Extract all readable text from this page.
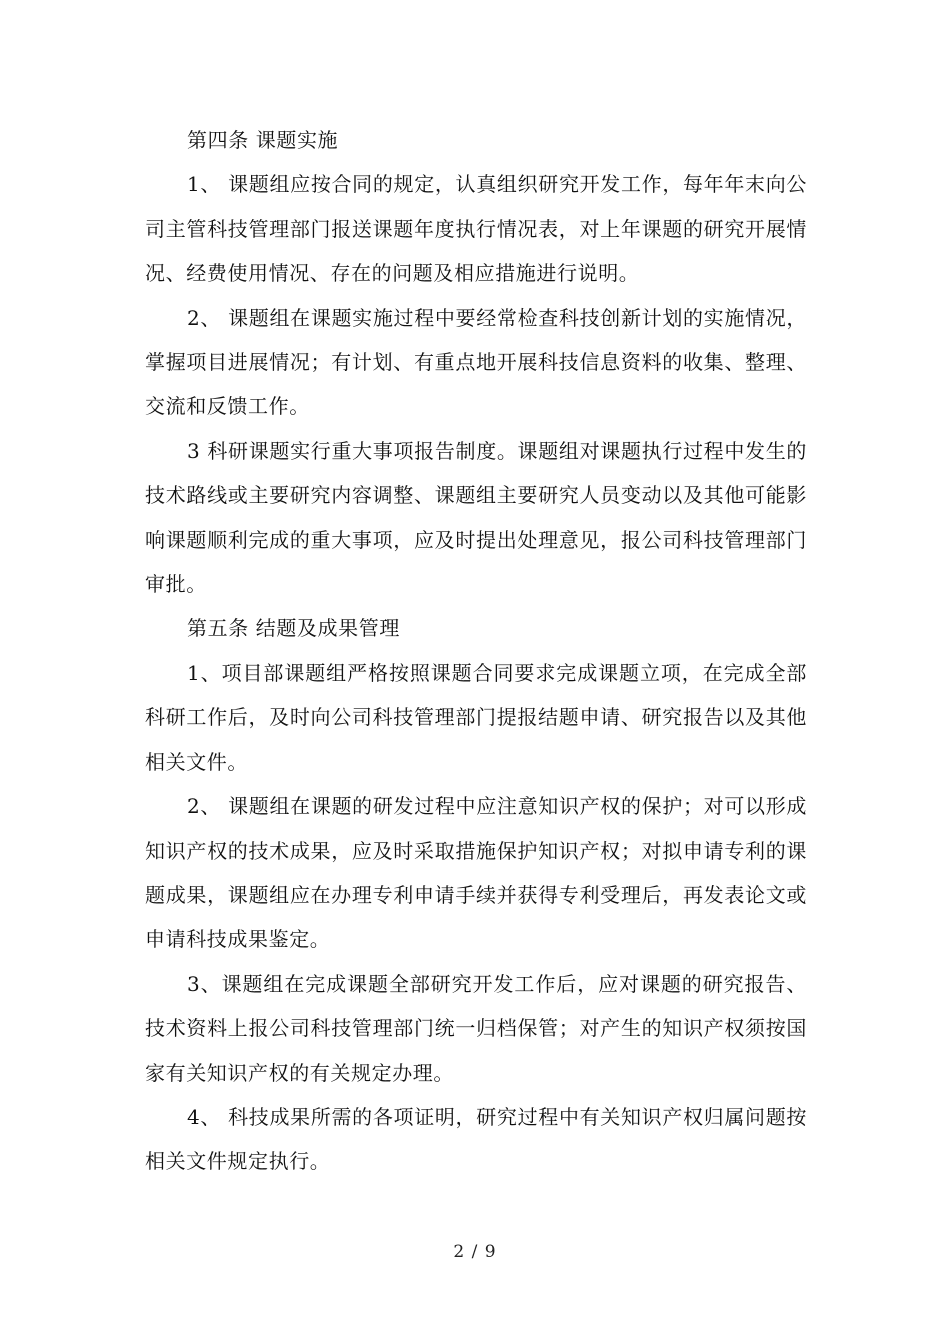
第四条 课题实施

1、 课题组应按合同的规定，认真组织研究开发工作，每年年末向公司主管科技管理部门报送课题年度执行情况表，对上年课题的研究开展情况、经费使用情况、存在的问题及相应措施进行说明。

2、 课题组在课题实施过程中要经常检查科技创新计划的实施情况，掌握项目进展情况；有计划、有重点地开展科技信息资料的收集、整理、交流和反馈工作。

3 科研课题实行重大事项报告制度。课题组对课题执行过程中发生的技术路线或主要研究内容调整、课题组主要研究人员变动以及其他可能影响课题顺利完成的重大事项，应及时提出处理意见，报公司科技管理部门审批。

第五条 结题及成果管理

1、项目部课题组严格按照课题合同要求完成课题立项，在完成全部科研工作后，及时向公司科技管理部门提报结题申请、研究报告以及其他相关文件。

2、 课题组在课题的研发过程中应注意知识产权的保护；对可以形成知识产权的技术成果，应及时采取措施保护知识产权；对拟申请专利的课题成果，课题组应在办理专利申请手续并获得专利受理后，再发表论文或申请科技成果鉴定。

3、课题组在完成课题全部研究开发工作后，应对课题的研究报告、技术资料上报公司科技管理部门统一归档保管；对产生的知识产权须按国家有关知识产权的有关规定办理。

4、 科技成果所需的各项证明，研究过程中有关知识产权归属问题按相关文件规定执行。

2 / 9
